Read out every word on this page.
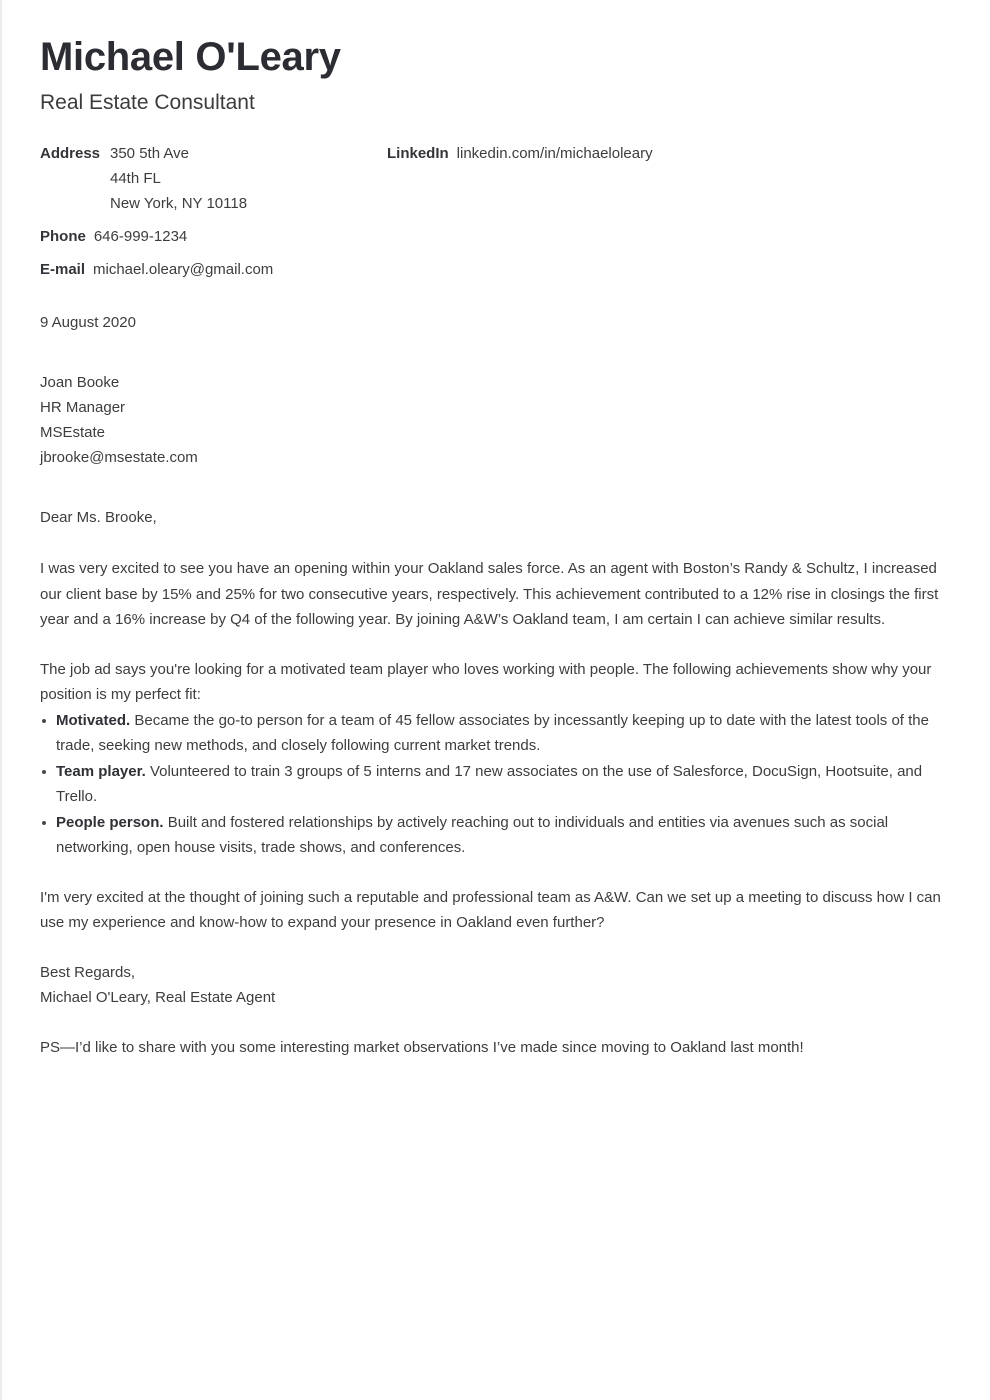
Michael O'Leary
Real Estate Consultant
Address 350 5th Ave
44th FL
New York, NY 10118
Phone 646-999-1234
E-mail michael.oleary@gmail.com
LinkedIn linkedin.com/in/michaeloleary
9 August 2020
Joan Booke
HR Manager
MSEstate
jbrooke@msestate.com
Dear Ms. Brooke,

I was very excited to see you have an opening within your Oakland sales force. As an agent with Boston’s Randy & Schultz, I increased our client base by 15% and 25% for two consecutive years, respectively. This achievement contributed to a 12% rise in closings the first year and a 16% increase by Q4 of the following year. By joining A&W’s Oakland team, I am certain I can achieve similar results.

The job ad says you're looking for a motivated team player who loves working with people. The following achievements show why your position is my perfect fit:

Motivated. Became the go-to person for a team of 45 fellow associates by incessantly keeping up to date with the latest tools of the trade, seeking new methods, and closely following current market trends.
Team player. Volunteered to train 3 groups of 5 interns and 17 new associates on the use of Salesforce, DocuSign, Hootsuite, and Trello.
People person. Built and fostered relationships by actively reaching out to individuals and entities via avenues such as social networking, open house visits, trade shows, and conferences.

I'm very excited at the thought of joining such a reputable and professional team as A&W. Can we set up a meeting to discuss how I can use my experience and know-how to expand your presence in Oakland even further?

Best Regards,
Michael O'Leary, Real Estate Agent
PS—I’d like to share with you some interesting market observations I’ve made since moving to Oakland last month!
